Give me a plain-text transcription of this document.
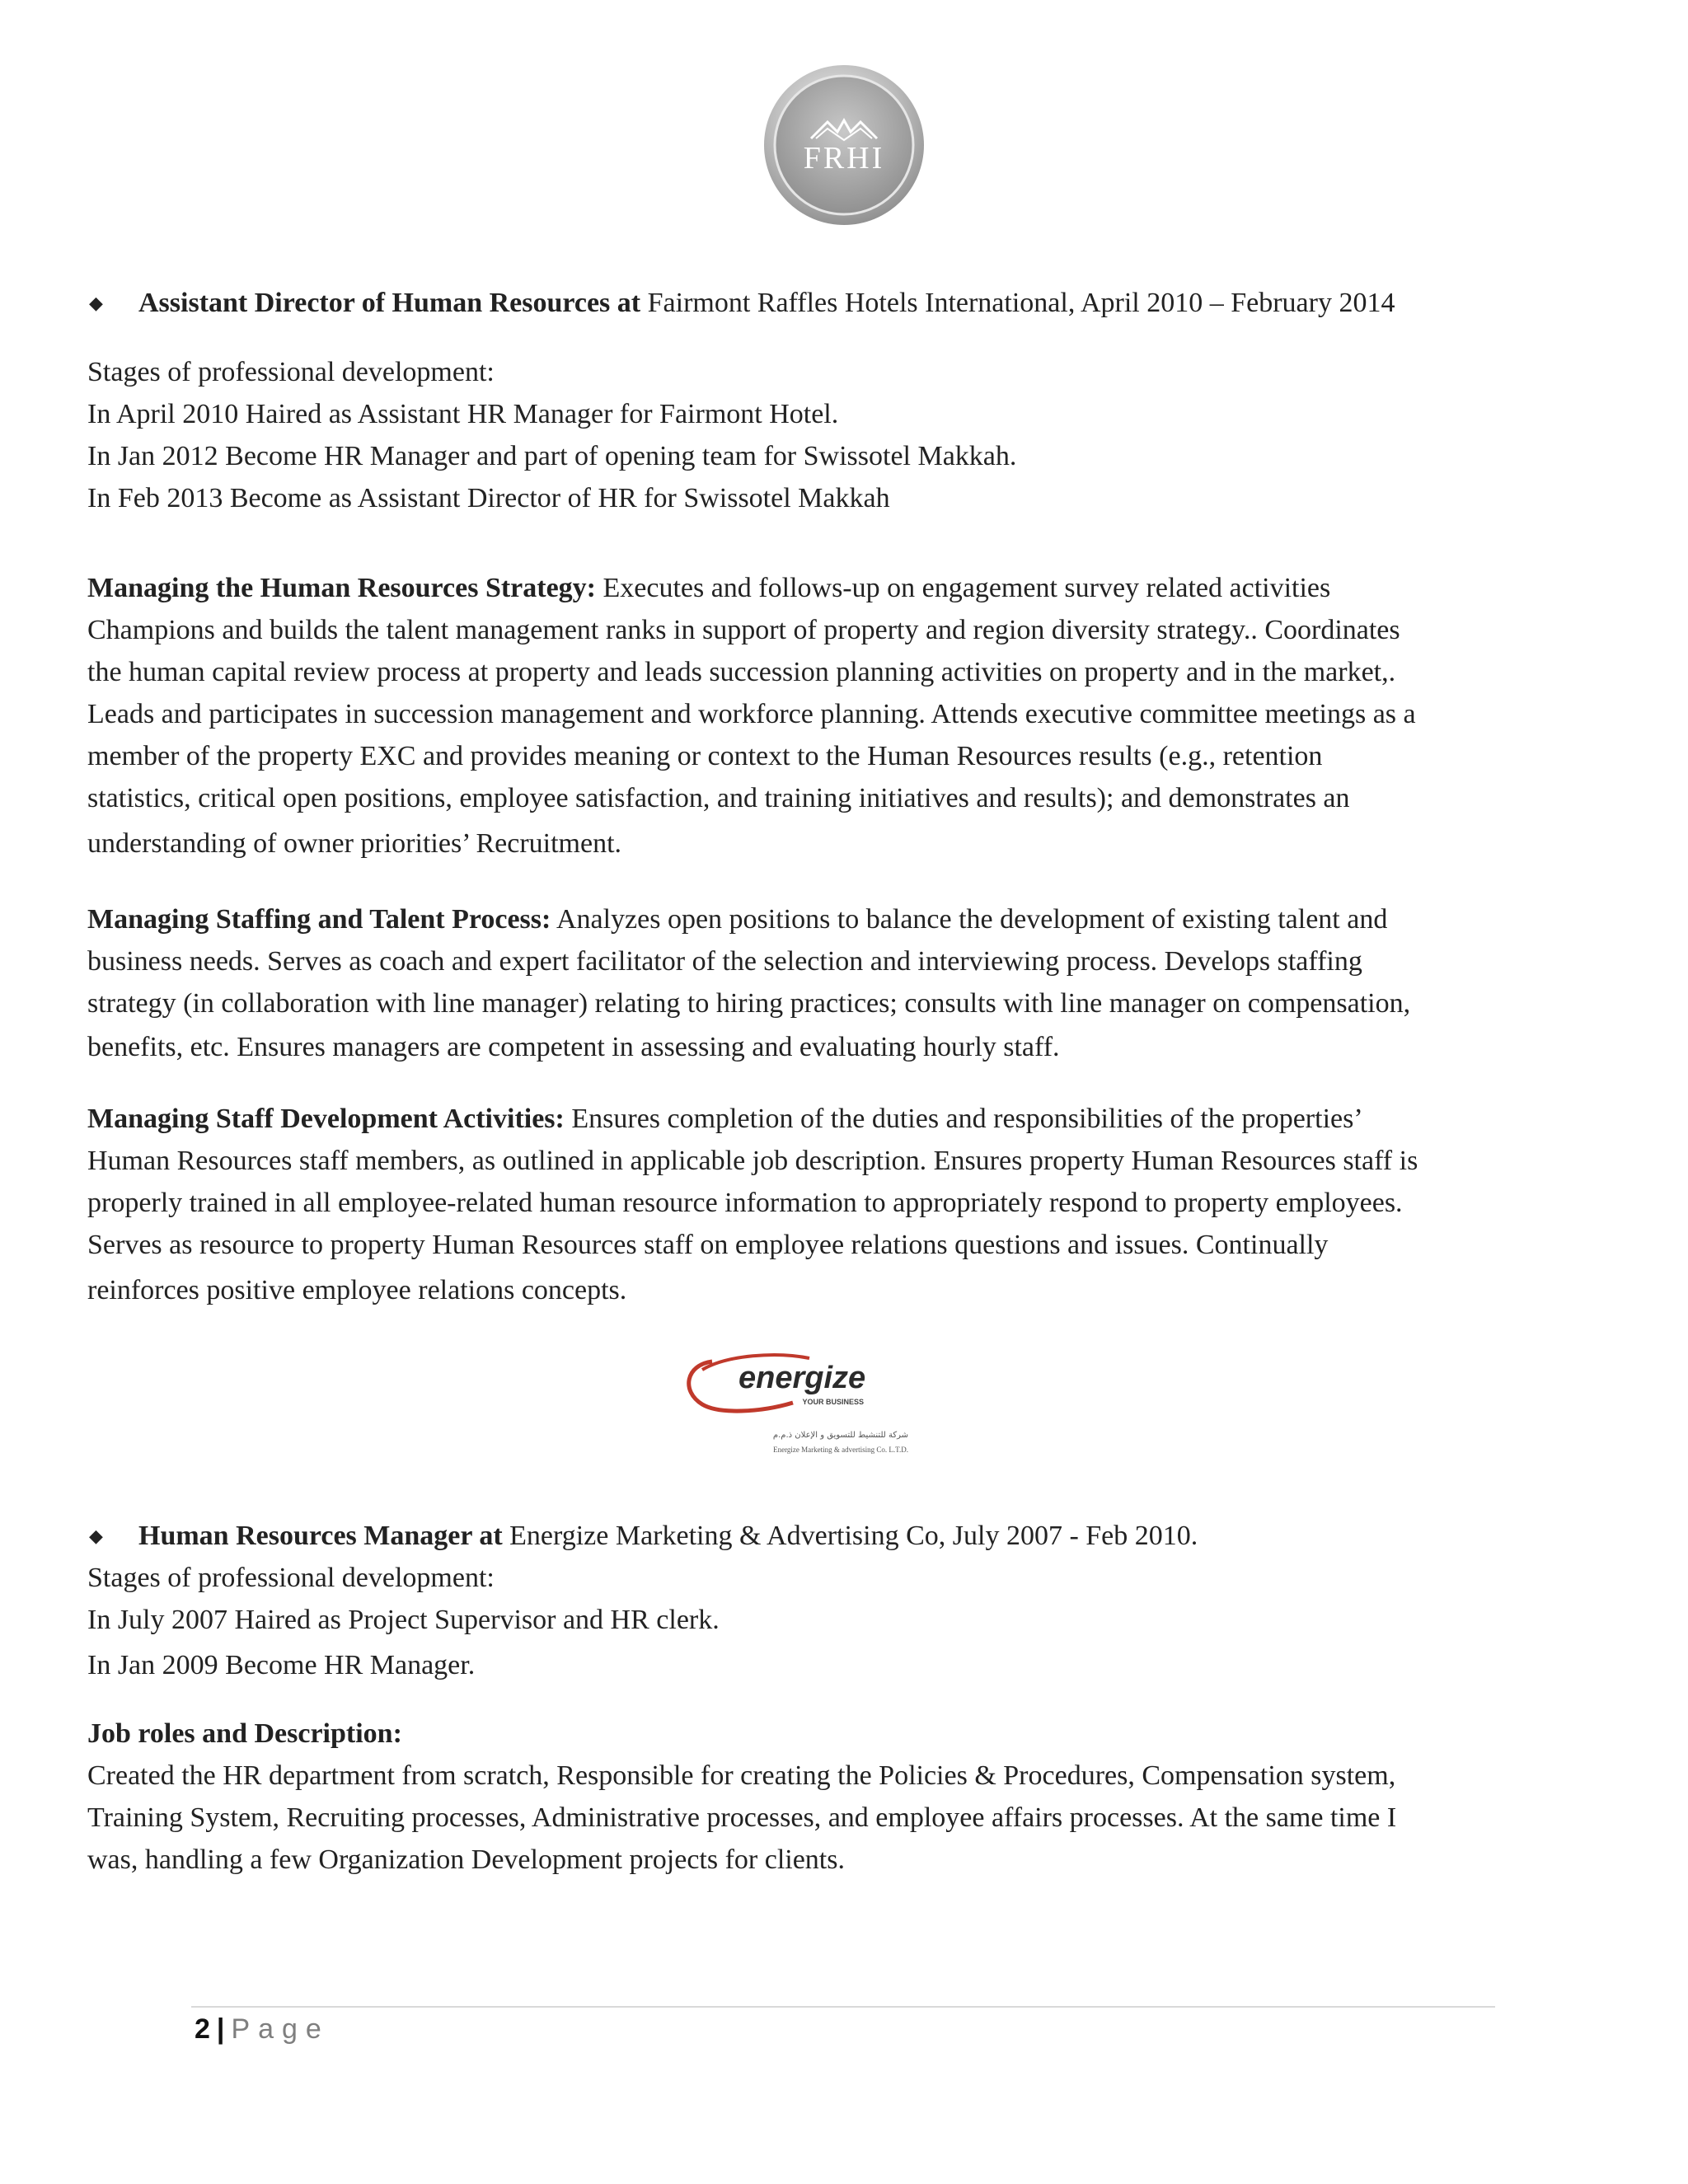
FRHI
◆ Assistant Director of Human Resources at Fairmont Raffles Hotels International, April 2010 – February 2014
Stages of professional development:
In April 2010 Haired as Assistant HR Manager for Fairmont Hotel.
In Jan 2012 Become HR Manager and part of opening team for Swissotel Makkah.
In Feb 2013 Become as Assistant Director of HR for Swissotel Makkah
Managing the Human Resources Strategy: Executes and follows-up on engagement survey related activities
Champions and builds the talent management ranks in support of property and region diversity strategy.. Coordinates
the human capital review process at property and leads succession planning activities on property and in the market,.
Leads and participates in succession management and workforce planning. Attends executive committee meetings as a
member of the property EXC and provides meaning or context to the Human Resources results (e.g., retention
statistics, critical open positions, employee satisfaction, and training initiatives and results); and demonstrates an
understanding of owner priorities’ Recruitment.
Managing Staffing and Talent Process: Analyzes open positions to balance the development of existing talent and
business needs. Serves as coach and expert facilitator of the selection and interviewing process. Develops staffing
strategy (in collaboration with line manager) relating to hiring practices; consults with line manager on compensation,
benefits, etc. Ensures managers are competent in assessing and evaluating hourly staff.
Managing Staff Development Activities: Ensures completion of the duties and responsibilities of the properties’
Human Resources staff members, as outlined in applicable job description. Ensures property Human Resources staff is
properly trained in all employee-related human resource information to appropriately respond to property employees.
Serves as resource to property Human Resources staff on employee relations questions and issues. Continually
reinforces positive employee relations concepts.
energize
YOUR BUSINESS
شركة للتنشيط للتسويق و الإعلان ذ.م.م
Energize Marketing & advertising Co. L.T.D.
◆ Human Resources Manager at Energize Marketing & Advertising Co, July 2007 - Feb 2010.
Stages of professional development:
In July 2007 Haired as Project Supervisor and HR clerk.
In Jan 2009 Become HR Manager.
Job roles and Description:
Created the HR department from scratch, Responsible for creating the Policies & Procedures, Compensation system,
Training System, Recruiting processes, Administrative processes, and employee affairs processes. At the same time I
was, handling a few Organization Development projects for clients.
2 | Page
